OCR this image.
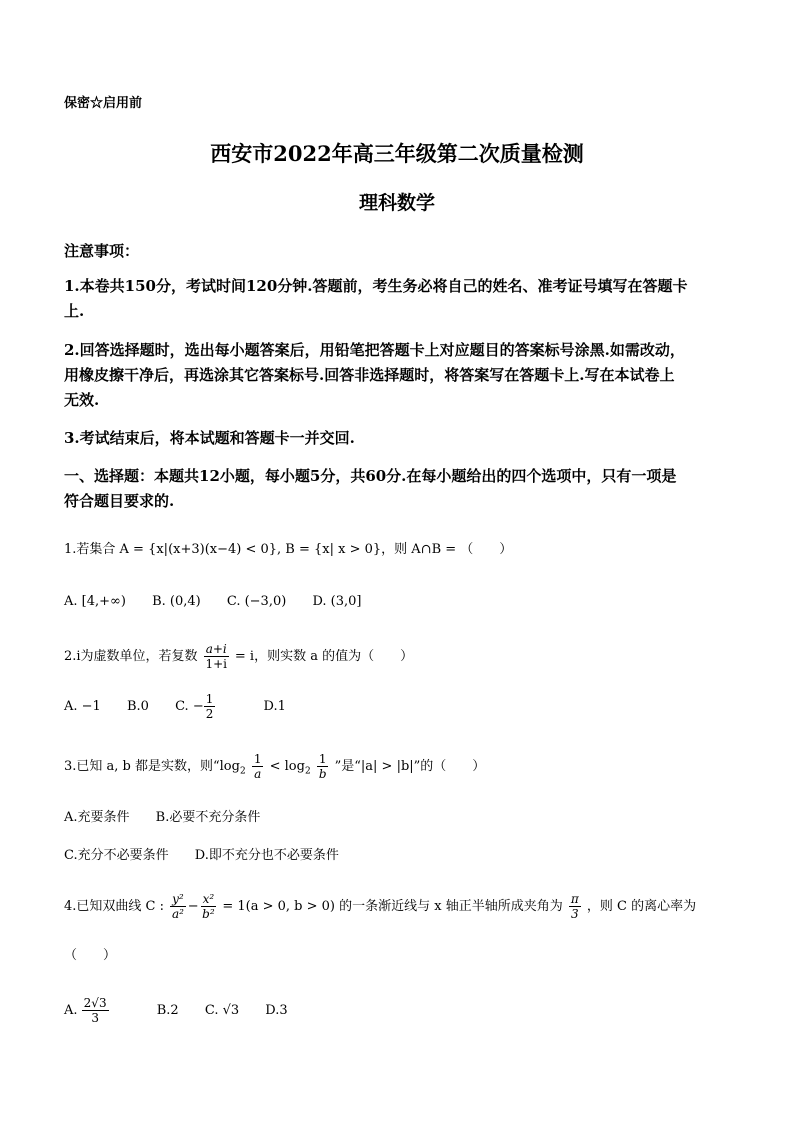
保密☆启用前
西安市2022年高三年级第二次质量检测
理科数学
注意事项：
1.本卷共150分，考试时间120分钟.答题前，考生务必将自己的姓名、准考证号填写在答题卡
上.
2.回答选择题时，选出每小题答案后，用铅笔把答题卡上对应题目的答案标号涂黑.如需改动，
用橡皮擦干净后，再选涂其它答案标号.回答非选择题时，将答案写在答题卡上.写在本试卷上
无效.
3.考试结束后，将本试题和答题卡一并交回.
一、选择题：本题共12小题，每小题5分，共60分.在每小题给出的四个选项中，只有一项是
符合题目要求的.
1.若集合 A = {x|(x+3)(x−4) < 0}, B = {x| x > 0}，则 A∩B = （　　）
A. [4,+∞) B. (0,4) C. (−3,0) D. (3,0]
2.i为虚数单位，若复数 $\frac{a+i}{1+i} = i$，则实数 a 的值为（　　）
A. −1 B.0 C. − $\frac{1}{2} D.1$
3.已知 a, b 都是实数，则“$\log_2 \frac{1}{a} < \log_2 \frac{1}{b}$ ”是“|a| > |b|”的（　　）
A.充要条件 B.必要不充分条件
C.充分不必要条件 D.即不充分也不必要条件
4.已知双曲线 C : $\frac{\text{y²}}{\text{a²}} - \frac{\text{x²}}{\text{b²}} = 1(a > 0$, b > 0) 的一条渐近线与 x 轴正半轴所成夹角为 $\frac{\pi}{3}$ ，则 C 的离心率为
（　　）
A. $\frac{2√3}{3} B.2$ C. √3 D.3
